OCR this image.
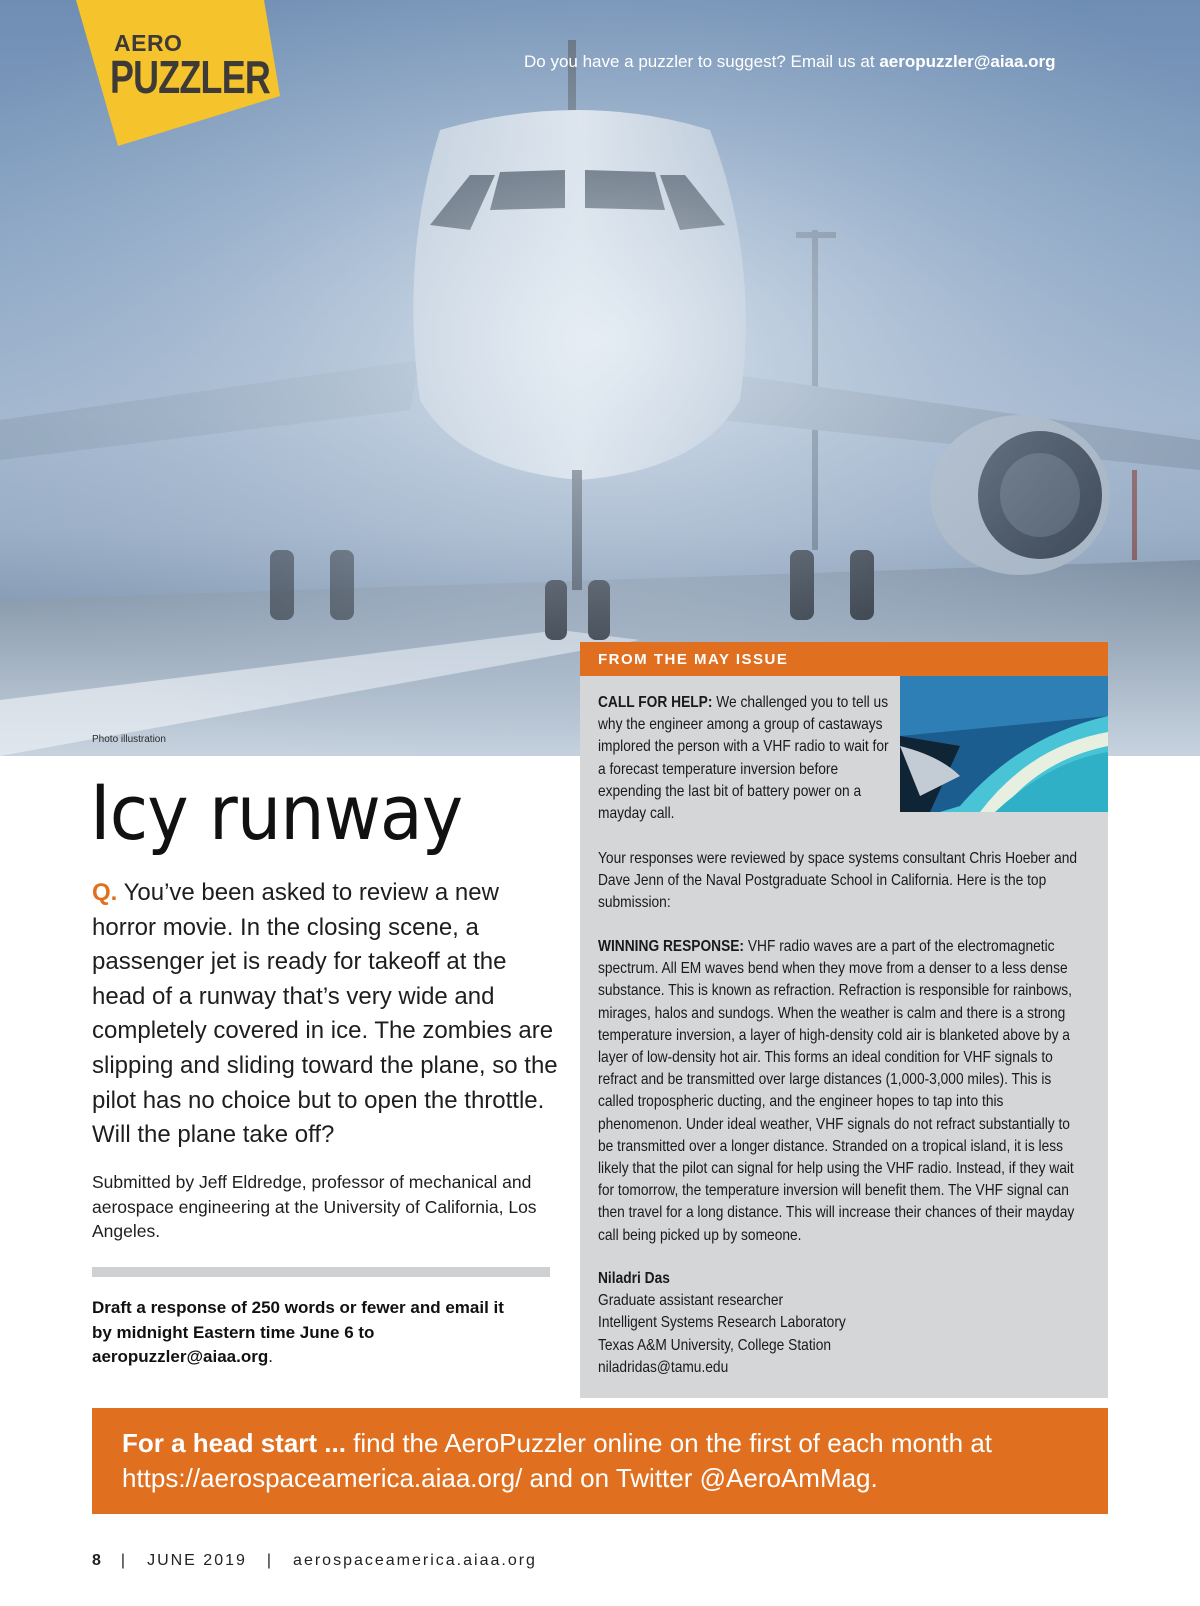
Photo illustration
AERO
PUZZLER	Do you have a puzzler to suggest? Email us at aeropuzzler@aiaa.org
Icy runway
Q. You’ve been asked to review a new horror movie. In the closing scene, a passenger jet is ready for takeoff at the head of a runway that’s very wide and completely covered in ice. The zombies are slipping and sliding toward the plane, so the pilot has no choice but to open the throttle. Will the plane take off?
Submitted by Jeff Eldredge, professor of mechanical and aerospace engineering at the University of California, Los Angeles.
Draft a response of 250 words or fewer and email it by midnight Eastern time June 6 to aeropuzzler@aiaa.org.
FROM THE MAY ISSUE
CALL FOR HELP: We challenged you to tell us why the engineer among a group of castaways implored the person with a VHF radio to wait for a forecast temperature inversion before expending the last bit of battery power on a mayday call.
Your responses were reviewed by space systems consultant Chris Hoeber and Dave Jenn of the Naval Postgraduate School in California. Here is the top submission:
WINNING RESPONSE: VHF radio waves are a part of the electromagnetic spectrum. All EM waves bend when they move from a denser to a less dense substance. This is known as refraction. Refraction is responsible for rainbows, mirages, halos and sundogs. When the weather is calm and there is a strong temperature inversion, a layer of high-density cold air is blanketed above by a layer of low-density hot air. This forms an ideal condition for VHF signals to refract and be transmitted over large distances (1,000-3,000 miles). This is called tropospheric ducting, and the engineer hopes to tap into this phenomenon. Under ideal weather, VHF signals do not refract substantially to be transmitted over a longer distance. Stranded on a tropical island, it is less likely that the pilot can signal for help using the VHF radio. Instead, if they wait for tomorrow, the temperature inversion will benefit them. The VHF signal can then travel for a long distance. This will increase their chances of their mayday call being picked up by someone.
Niladri Das
Graduate assistant researcher
Intelligent Systems Research Laboratory
Texas A&M University, College Station
niladridas@tamu.edu

For a head start ... find the AeroPuzzler online on the first of each month at https://aerospaceamerica.aiaa.org/ and on Twitter @AeroAmMag.

8 | JUNE 2019 | aerospaceamerica.aiaa.org
